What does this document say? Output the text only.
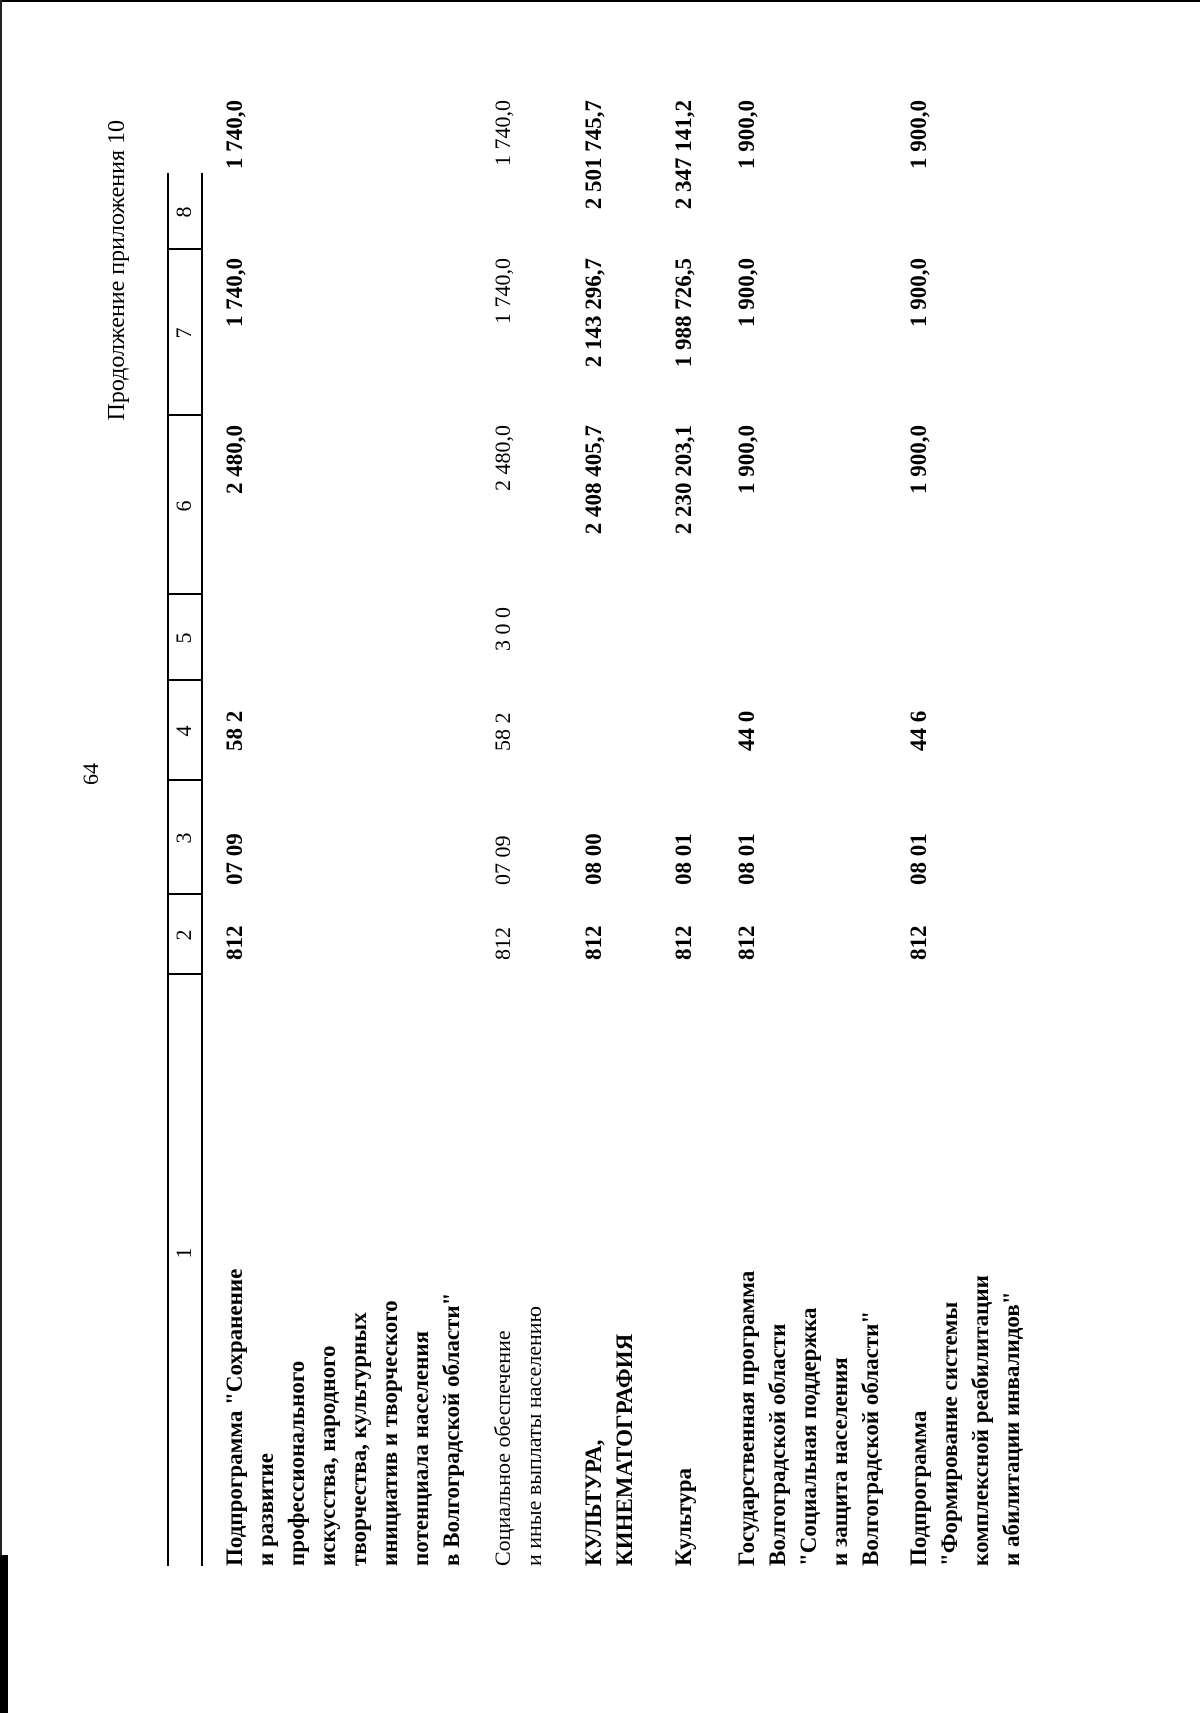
64
Продолжение приложения 10
1
2
3
4
5
6
7
8
Подпрограмма "Сохранение и развитие профессионального искусства, народного творчества, культурных инициатив и творческого потенциала населения в Волгоградской области"
812
07 09
58 2
2 480,0
1 740,0
1 740,0
Социальное обеспечение и иные выплаты населению
812
07 09
58 2
3 0 0
2 480,0
1 740,0
1 740,0
КУЛЬТУРА, КИНЕМАТОГРАФИЯ
812
08 00
2 408 405,7
2 143 296,7
2 501 745,7
Культура
812
08 01
2 230 203,1
1 988 726,5
2 347 141,2
Государственная программа Волгоградской области "Социальная поддержка и защита населения Волгоградской области"
812
08 01
44 0
1 900,0
1 900,0
1 900,0
Подпрограмма "Формирование системы комплексной реабилитации и абилитации инвалидов"
812
08 01
44 6
1 900,0
1 900,0
1 900,0
